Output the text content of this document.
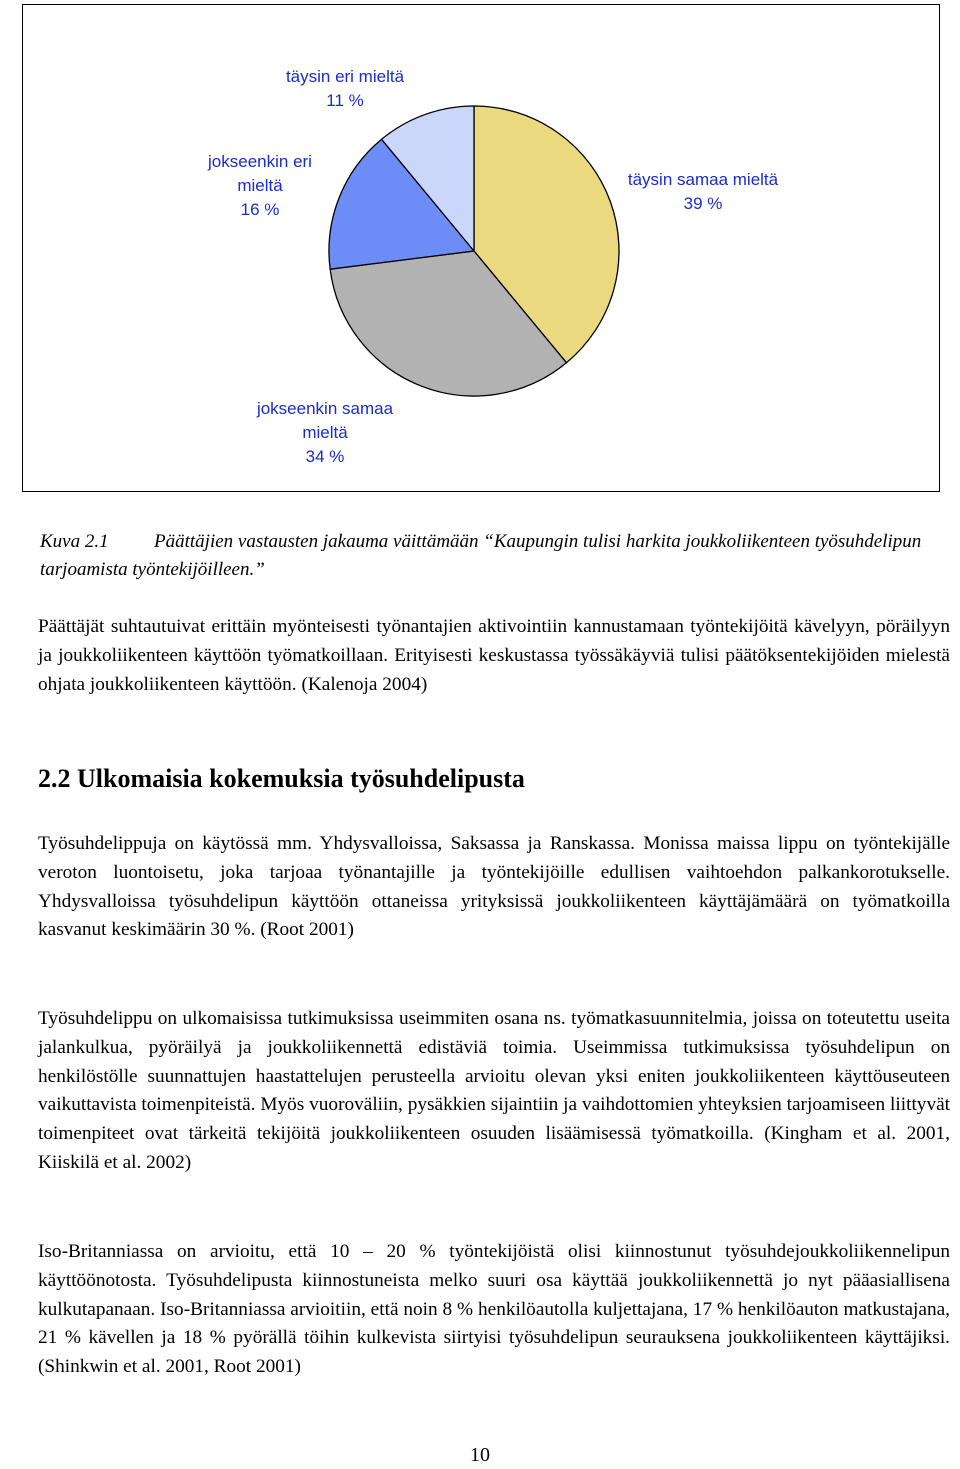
täysin samaa mieltä
39 %
jokseenkin samaa
mieltä
34 %
jokseenkin eri
mieltä
16 %
täysin eri mieltä
11 %
Kuva 2.1 Päättäjien vastausten jakauma väittämään “Kaupungin tulisi harkita joukkoliikenteen työsuhdelipun tarjoamista työntekijöilleen.”
Päättäjät suhtautuivat erittäin myönteisesti työnantajien aktivointiin kannustamaan työntekijöitä kävelyyn, pöräilyyn ja joukkoliikenteen käyttöön työmatkoillaan. Erityisesti keskustassa työssäkäyviä tulisi päätöksentekijöiden mielestä ohjata joukkoliikenteen käyttöön. (Kalenoja 2004)
2.2 Ulkomaisia kokemuksia työsuhdelipusta
Työsuhdelippuja on käytössä mm. Yhdysvalloissa, Saksassa ja Ranskassa. Monissa maissa lippu on työntekijälle veroton luontoisetu, joka tarjoaa työnantajille ja työntekijöille edullisen vaihtoehdon palkankorotukselle. Yhdysvalloissa työsuhdelipun käyttöön ottaneissa yrityksissä joukkoliikenteen käyttäjämäärä on työmatkoilla kasvanut keskimäärin 30 %. (Root 2001)
Työsuhdelippu on ulkomaisissa tutkimuksissa useimmiten osana ns. työmatkasuunnitelmia, joissa on toteutettu useita jalankulkua, pyöräilyä ja joukkoliikennettä edistäviä toimia. Useimmissa tutkimuksissa työsuhdelipun on henkilöstölle suunnattujen haastattelujen perusteella arvioitu olevan yksi eniten joukkoliikenteen käyttöuseuteen vaikuttavista toimenpiteistä. Myös vuoroväliin, pysäkkien sijaintiin ja vaihdottomien yhteyksien tarjoamiseen liittyvät toimenpiteet ovat tärkeitä tekijöitä joukkoliikenteen osuuden lisäämisessä työmatkoilla. (Kingham et al. 2001, Kiiskilä et al. 2002)
Iso-Britanniassa on arvioitu, että 10 – 20 % työntekijöistä olisi kiinnostunut työsuhdejoukkoliikennelipun käyttöönotosta. Työsuhdelipusta kiinnostuneista melko suuri osa käyttää joukkoliikennettä jo nyt pääasiallisena kulkutapanaan. Iso-Britanniassa arvioitiin, että noin 8 % henkilöautolla kuljettajana, 17 % henkilöauton matkustajana, 21 % kävellen ja 18 % pyörällä töihin kulkevista siirtyisi työsuhdelipun seurauksena joukkoliikenteen käyttäjiksi. (Shinkwin et al. 2001, Root 2001)
10
